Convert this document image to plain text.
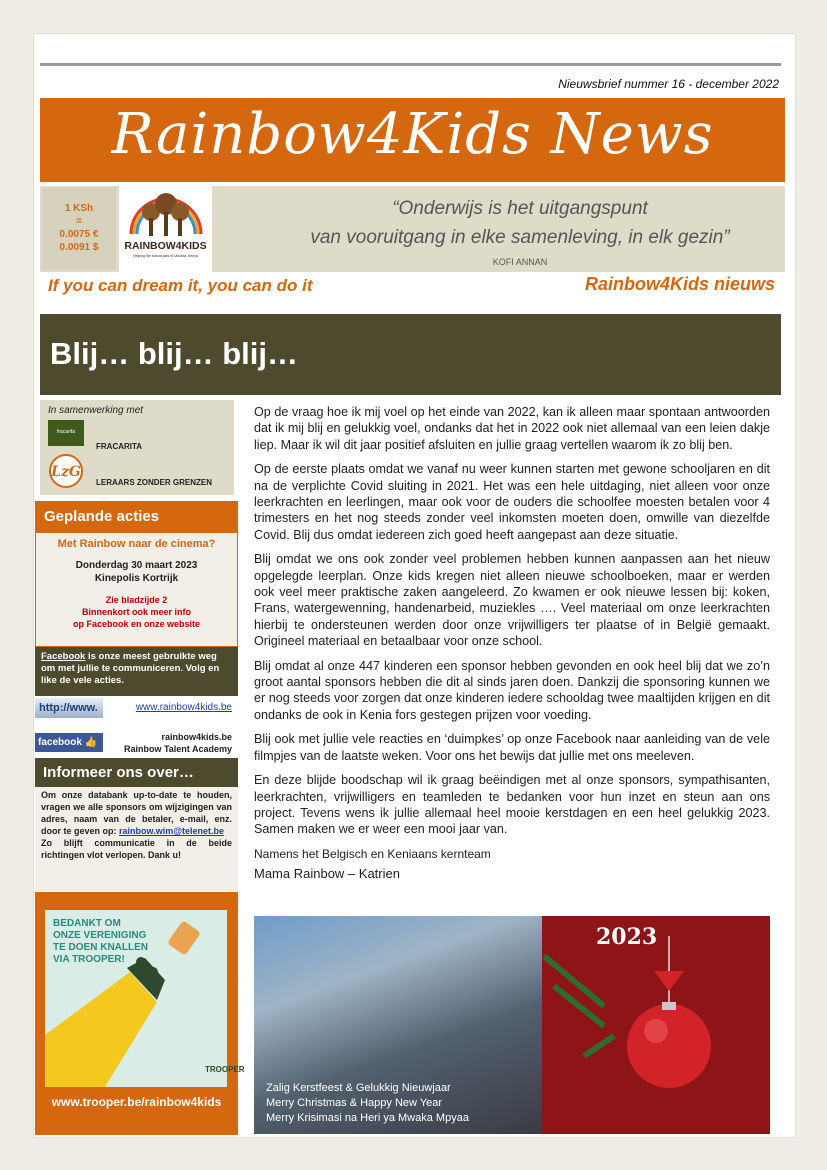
Nieuwsbrief nummer 16 - december 2022
Rainbow4Kids News
1 KSh
=
0.0075 €
0.0091 $	RAINBOW4KIDS
Helping the school kids of Ukunda, Kenya
“Onderwijs is het uitgangspunt
van vooruitgang in elke samenleving, in elk gezin”
KOFI ANNAN
If you can dream it, you can do it	Rainbow4Kids nieuws
Blij… blij… blij…
In samenwerking met
fracarita
FRACARITA
LzG
LERAARS ZONDER GRENZEN
Geplande acties
Met Rainbow naar de cinema?
Donderdag 30 maart 2023
Kinepolis Kortrijk
Zie bladzijde 2
Binnenkort ook meer info
op Facebook en onze website
Facebook is onze meest gebruikte weg om met jullie te communiceren. Volg en like de vele acties.
http://www.	www.rainbow4kids.be
facebook 👍	rainbow4kids.be
Rainbow Talent Academy
Informeer ons over…
Om onze databank up-to-date te houden, vragen we alle sponsors om wijzigingen van adres, naam van de betaler, e-mail, enz. door te geven op: rainbow.wim@telenet.be
Zo blijft communicatie in de beide richtingen vlot verlopen. Dank u!
BEDANKT OM
ONZE VERENIGING
TE DOEN KNALLEN
VIA TROOPER!
TROOPER
www.trooper.be/rainbow4kids

Op de vraag hoe ik mij voel op het einde van 2022, kan ik alleen maar spontaan antwoorden dat ik mij blij en gelukkig voel, ondanks dat het in 2022 ook niet allemaal van een leien dakje liep. Maar ik wil dit jaar positief afsluiten en jullie graag vertellen waarom ik zo blij ben.

Op de eerste plaats omdat we vanaf nu weer kunnen starten met gewone schooljaren en dit na de verplichte Covid sluiting in 2021. Het was een hele uitdaging, niet alleen voor onze leerkrachten en leerlingen, maar ook voor de ouders die schoolfee moesten betalen voor 4 trimesters en het nog steeds zonder veel inkomsten moeten doen, omwille van diezelfde Covid. Blij dus omdat iedereen zich goed heeft aangepast aan deze situatie.

Blij omdat we ons ook zonder veel problemen hebben kunnen aanpassen aan het nieuw opgelegde leerplan. Onze kids kregen niet alleen nieuwe schoolboeken, maar er werden ook veel meer praktische zaken aangeleerd. Zo kwamen er ook nieuwe lessen bij: koken, Frans, watergewenning, handenarbeid, muziekles …. Veel materiaal om onze leerkrachten hierbij te ondersteunen werden door onze vrijwilligers ter plaatse of in België gemaakt. Origineel materiaal en betaalbaar voor onze school.

Blij omdat al onze 447 kinderen een sponsor hebben gevonden en ook heel blij dat we zo’n groot aantal sponsors hebben die dit al sinds jaren doen. Dankzij die sponsoring kunnen we er nog steeds voor zorgen dat onze kinderen iedere schooldag twee maaltijden krijgen en dit ondanks de ook in Kenia fors gestegen prijzen voor voeding.

Blij ook met jullie vele reacties en ‘duimpkes’ op onze Facebook naar aanleiding van de vele filmpjes van de laatste weken. Voor ons het bewijs dat jullie met ons meeleven.

En deze blijde boodschap wil ik graag beëindigen met al onze sponsors, sympathisanten, leerkrachten, vrijwilligers en teamleden te bedanken voor hun inzet en steun aan ons project. Tevens wens ik jullie allemaal heel mooie kerstdagen en een heel gelukkig 2023. Samen maken we er weer een mooi jaar van.

Namens het Belgisch en Keniaans kernteam
Mama Rainbow – Katrien
2023
Zalig Kerstfeest & Gelukkig Nieuwjaar
Merry Christmas & Happy New Year
Merry Krisimasi na Heri ya Mwaka Mpyaa
